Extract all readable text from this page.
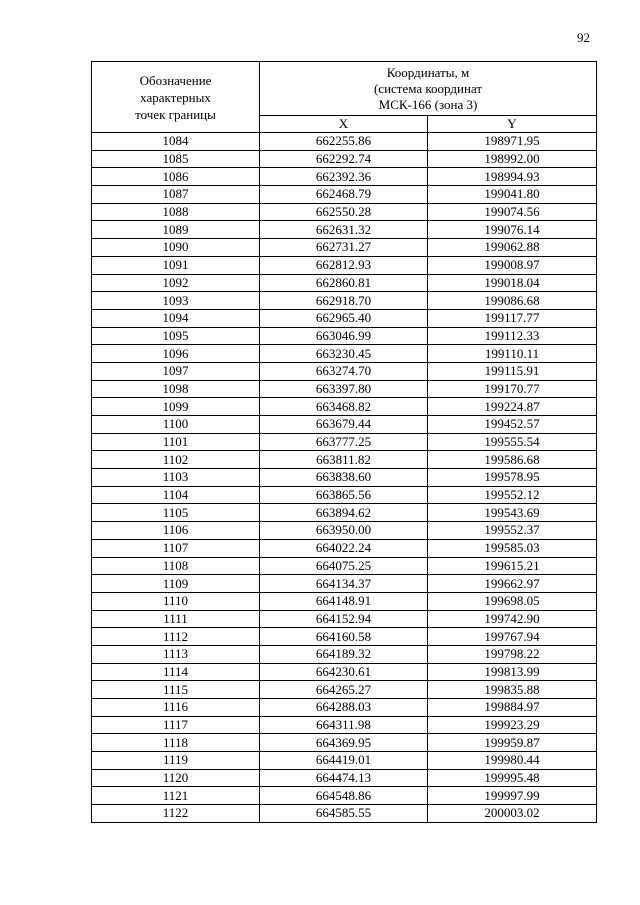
92
Обозначение
характерных
точек границы	Координаты, м
(система координат
МСК-166 (зона 3)	
	X	Y
1084	662255.86	198971.95
1085	662292.74	198992.00
1086	662392.36	198994.93
1087	662468.79	199041.80
1088	662550.28	199074.56
1089	662631.32	199076.14
1090	662731.27	199062.88
1091	662812.93	199008.97
1092	662860.81	199018.04
1093	662918.70	199086.68
1094	662965.40	199117.77
1095	663046.99	199112.33
1096	663230.45	199110.11
1097	663274.70	199115.91
1098	663397.80	199170.77
1099	663468.82	199224.87
1100	663679.44	199452.57
1101	663777.25	199555.54
1102	663811.82	199586.68
1103	663838.60	199578.95
1104	663865.56	199552.12
1105	663894.62	199543.69
1106	663950.00	199552.37
1107	664022.24	199585.03
1108	664075.25	199615.21
1109	664134.37	199662.97
1110	664148.91	199698.05
1111	664152.94	199742.90
1112	664160.58	199767.94
1113	664189.32	199798.22
1114	664230.61	199813.99
1115	664265.27	199835.88
1116	664288.03	199884.97
1117	664311.98	199923.29
1118	664369.95	199959.87
1119	664419.01	199980.44
1120	664474.13	199995.48
1121	664548.86	199997.99
1122	664585.55	200003.02
